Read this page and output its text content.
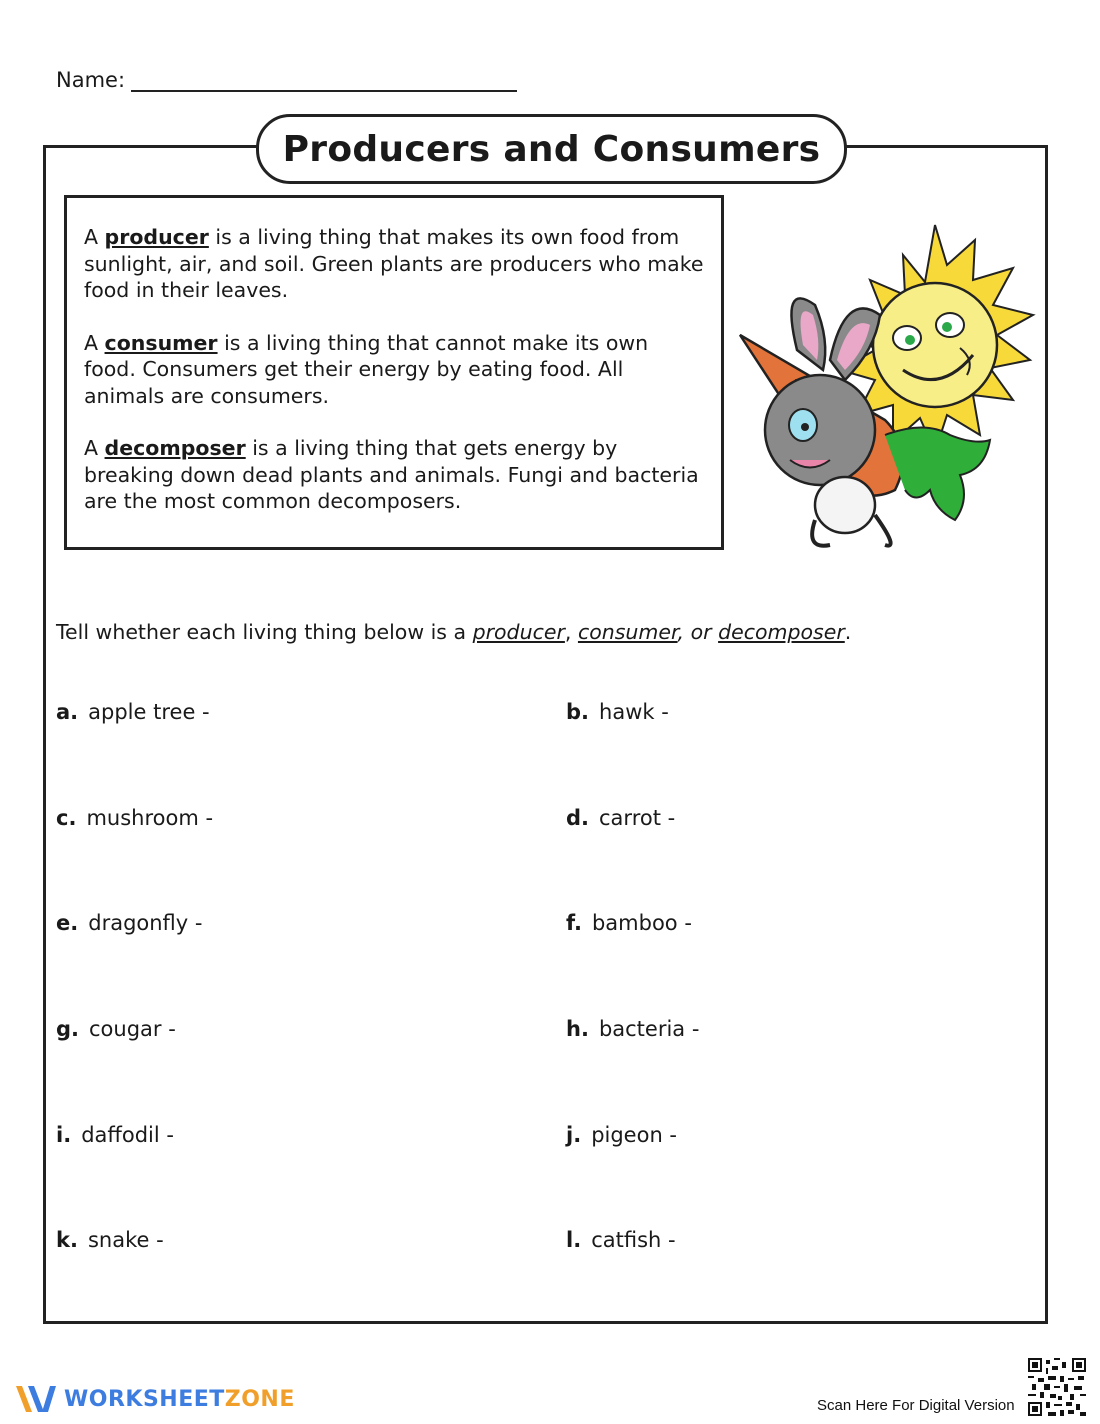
Name:
Producers and Consumers

A producer is a living thing that makes its own food from sunlight, air, and soil. Green plants are producers who make food in their leaves.

A consumer is a living thing that cannot make its own food. Consumers get their energy by eating food. All animals are consumers.

A decomposer is a living thing that gets energy by breaking down dead plants and animals. Fungi and bacteria are the most common decomposers.

Tell whether each living thing below is a producer, consumer, or decomposer.
a. apple tree -	b. hawk -
c. mushroom -	d. carrot -
e. dragonfly -	f. bamboo -
g. cougar -	h. bacteria -
i. daffodil -	j. pigeon -
k. snake -	l. catfish -
WORKSHEETZONE	Scan Here For Digital Version
